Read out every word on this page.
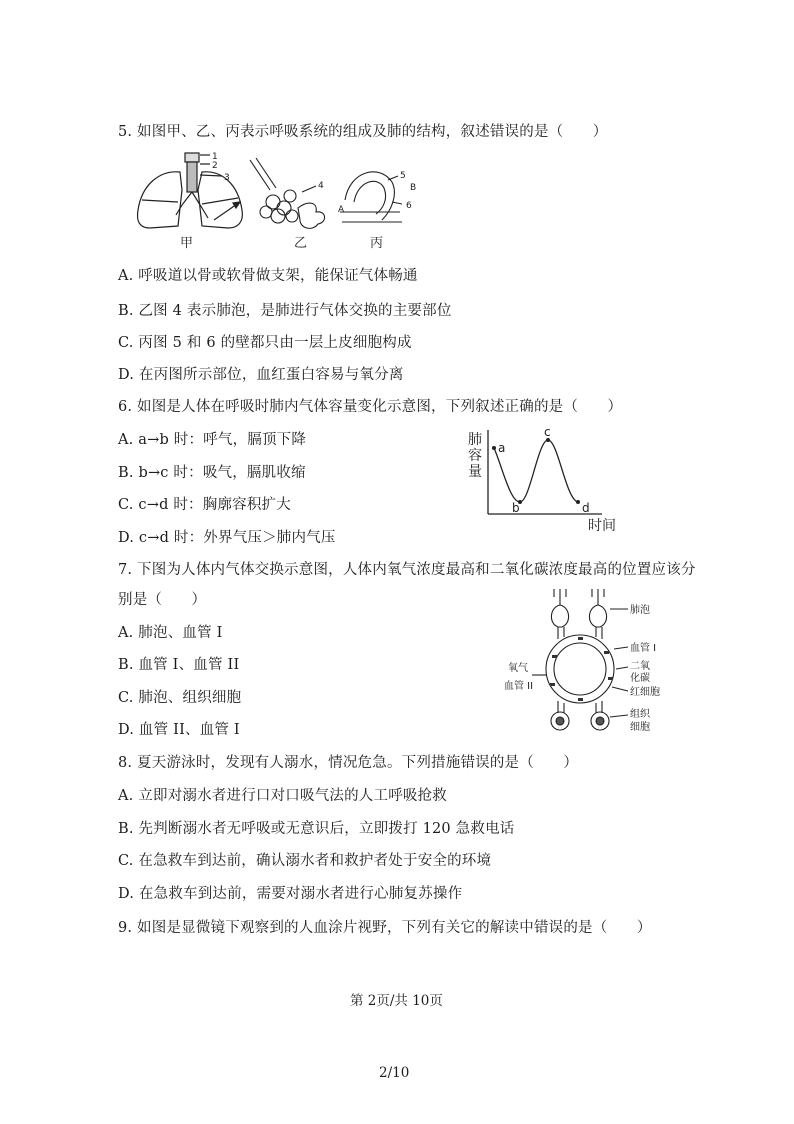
5. 如图甲、乙、丙表示呼吸系统的组成及肺的结构，叙述错误的是（　　）
1
2
3
甲
4
乙
5
B
6
A
丙
A. 呼吸道以骨或软骨做支架，能保证气体畅通
B. 乙图 4 表示肺泡，是肺进行气体交换的主要部位
C. 丙图 5 和 6 的壁都只由一层上皮细胞构成
D. 在丙图所示部位，血红蛋白容易与氧分离
6. 如图是人体在呼吸时肺内气体容量变化示意图，下列叙述正确的是（　　）
A. a→b 时：呼气，膈顶下降
B. b→c 时：吸气，膈肌收缩
C. c→d 时：胸廓容积扩大
D. c→d 时：外界气压＞肺内气压
a
b
c
d
肺
容
量
时间
7. 下图为人体内气体交换示意图，人体内氧气浓度最高和二氧化碳浓度最高的位置应该分
别是（　　）
A. 肺泡、血管 I
B. 血管 I、血管 II
C. 肺泡、组织细胞
D. 血管 II、血管 I
肺泡
血管 I
二氧
化碳
氧气
血管 II
红细胞
组织
细胞
8. 夏天游泳时，发现有人溺水，情况危急。下列措施错误的是（　　）
A. 立即对溺水者进行口对口吸气法的人工呼吸抢救
B. 先判断溺水者无呼吸或无意识后，立即拨打 120 急救电话
C. 在急救车到达前，确认溺水者和救护者处于安全的环境
D. 在急救车到达前，需要对溺水者进行心肺复苏操作
9. 如图是显微镜下观察到的人血涂片视野，下列有关它的解读中错误的是（　　）
第 2页/共 10页
2/10
